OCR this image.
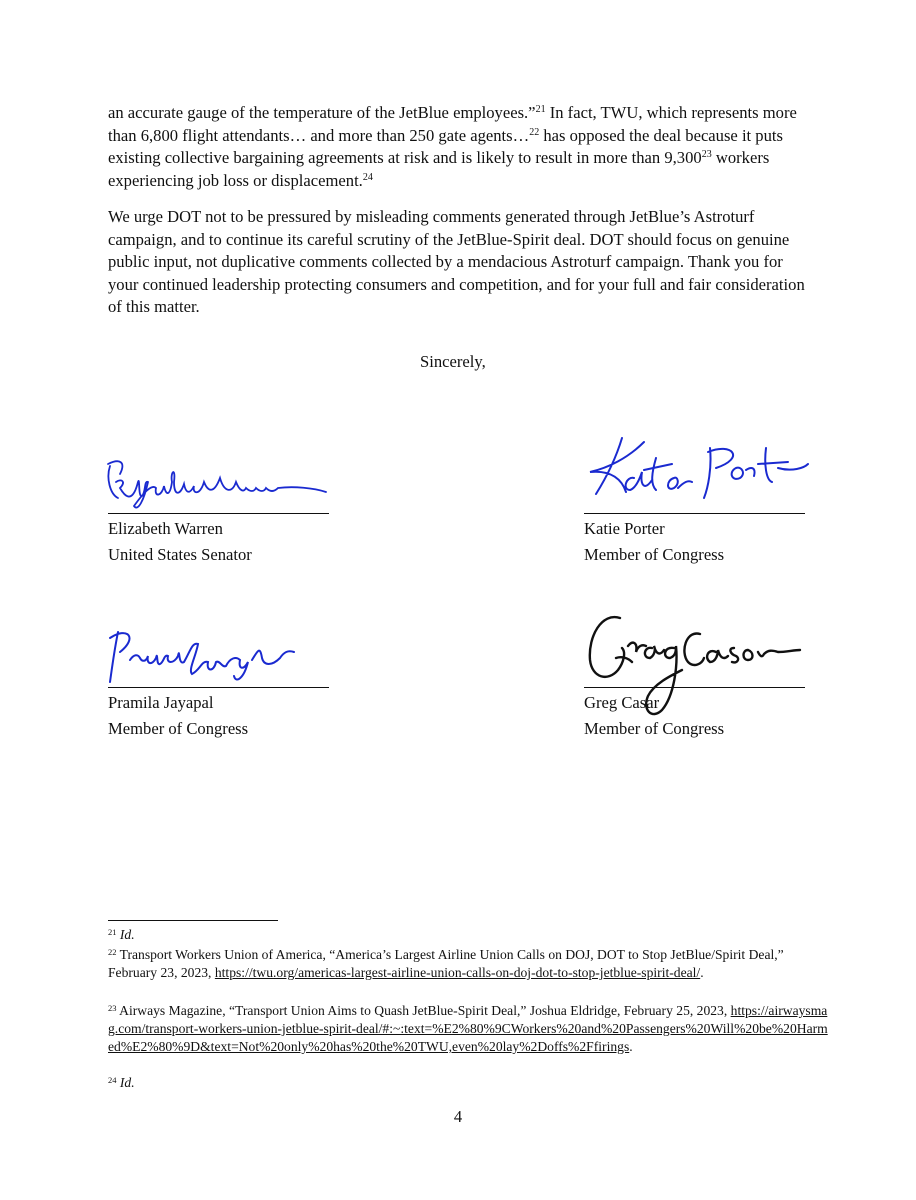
an accurate gauge of the temperature of the JetBlue employees.”$^{21}$ In fact, TWU, which represents more than 6,800 flight attendants… and more than 250 gate agents…$^{22}$ has opposed the deal because it puts existing collective bargaining agreements at risk and is likely to result in more than 9,300$^{23}$ workers experiencing job loss or displacement.$^{24}$

We urge DOT not to be pressured by misleading comments generated through JetBlue’s Astroturf campaign, and to continue its careful scrutiny of the JetBlue-Spirit deal. DOT should focus on genuine public input, not duplicative comments collected by a mendacious Astroturf campaign. Thank you for your continued leadership protecting consumers and competition, and for your full and fair consideration of this matter.

Sincerely,
Elizabeth Warren
United States Senator
Katie Porter
Member of Congress
Pramila Jayapal
Member of Congress
Greg Casar
Member of Congress

$^{21}$ Id.

$^{22}$ Transport Workers Union of America, “America’s Largest Airline Union Calls on DOJ, DOT to Stop JetBlue/Spirit Deal,” February 23, 2023, https://twu.org/americas-largest-airline-union-calls-on-doj-dot-to-stop-jetblue-spirit-deal/.

$^{23}$ Airways Magazine, “Transport Union Aims to Quash JetBlue-Spirit Deal,” Joshua Eldridge, February 25, 2023, https://airwaysmag.com/transport-workers-union-jetblue-spirit-deal/#:~:text=%E2%80%9CWorkers%20and%20Passengers%20Will%20be%20Harmed%E2%80%9D&text=Not%20only%20has%20the%20TWU,even%20lay%2Doffs%2Ffirings.

$^{24}$ Id.

4
